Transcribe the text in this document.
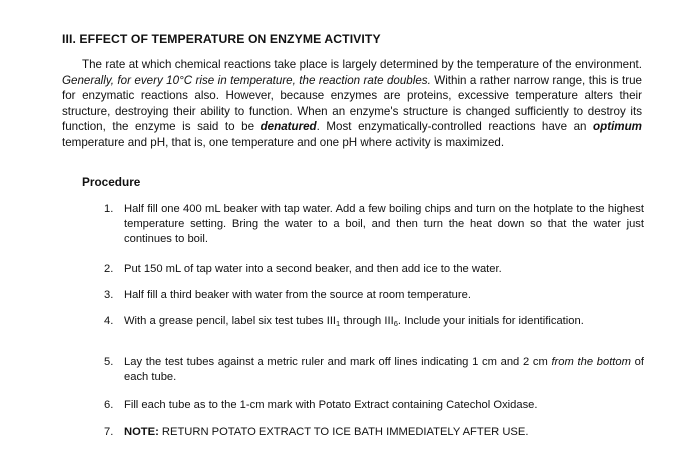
III. EFFECT OF TEMPERATURE ON ENZYME ACTIVITY

The rate at which chemical reactions take place is largely determined by the temperature of the environment. Generally, for every 10°C rise in temperature, the reaction rate doubles. Within a rather narrow range, this is true for enzymatic reactions also. However, because enzymes are proteins, excessive temperature alters their structure, destroying their ability to function. When an enzyme's structure is changed sufficiently to destroy its function, the enzyme is said to be denatured. Most enzymatically-controlled reactions have an optimum temperature and pH, that is, one temperature and one pH where activity is maximized.

Procedure
1. Half fill one 400 mL beaker with tap water. Add a few boiling chips and turn on the hotplate to the highest temperature setting. Bring the water to a boil, and then turn the heat down so that the water just continues to boil.
2. Put 150 mL of tap water into a second beaker, and then add ice to the water.
3. Half fill a third beaker with water from the source at room temperature.
4. With a grease pencil, label six test tubes $III_1$ through $III_6$. Include your initials for identification.
5. Lay the test tubes against a metric ruler and mark off lines indicating 1 cm and 2 cm from the bottom of each tube.
6. Fill each tube as to the 1-cm mark with Potato Extract containing Catechol Oxidase.
7. NOTE: RETURN POTATO EXTRACT TO ICE BATH IMMEDIATELY AFTER USE.
